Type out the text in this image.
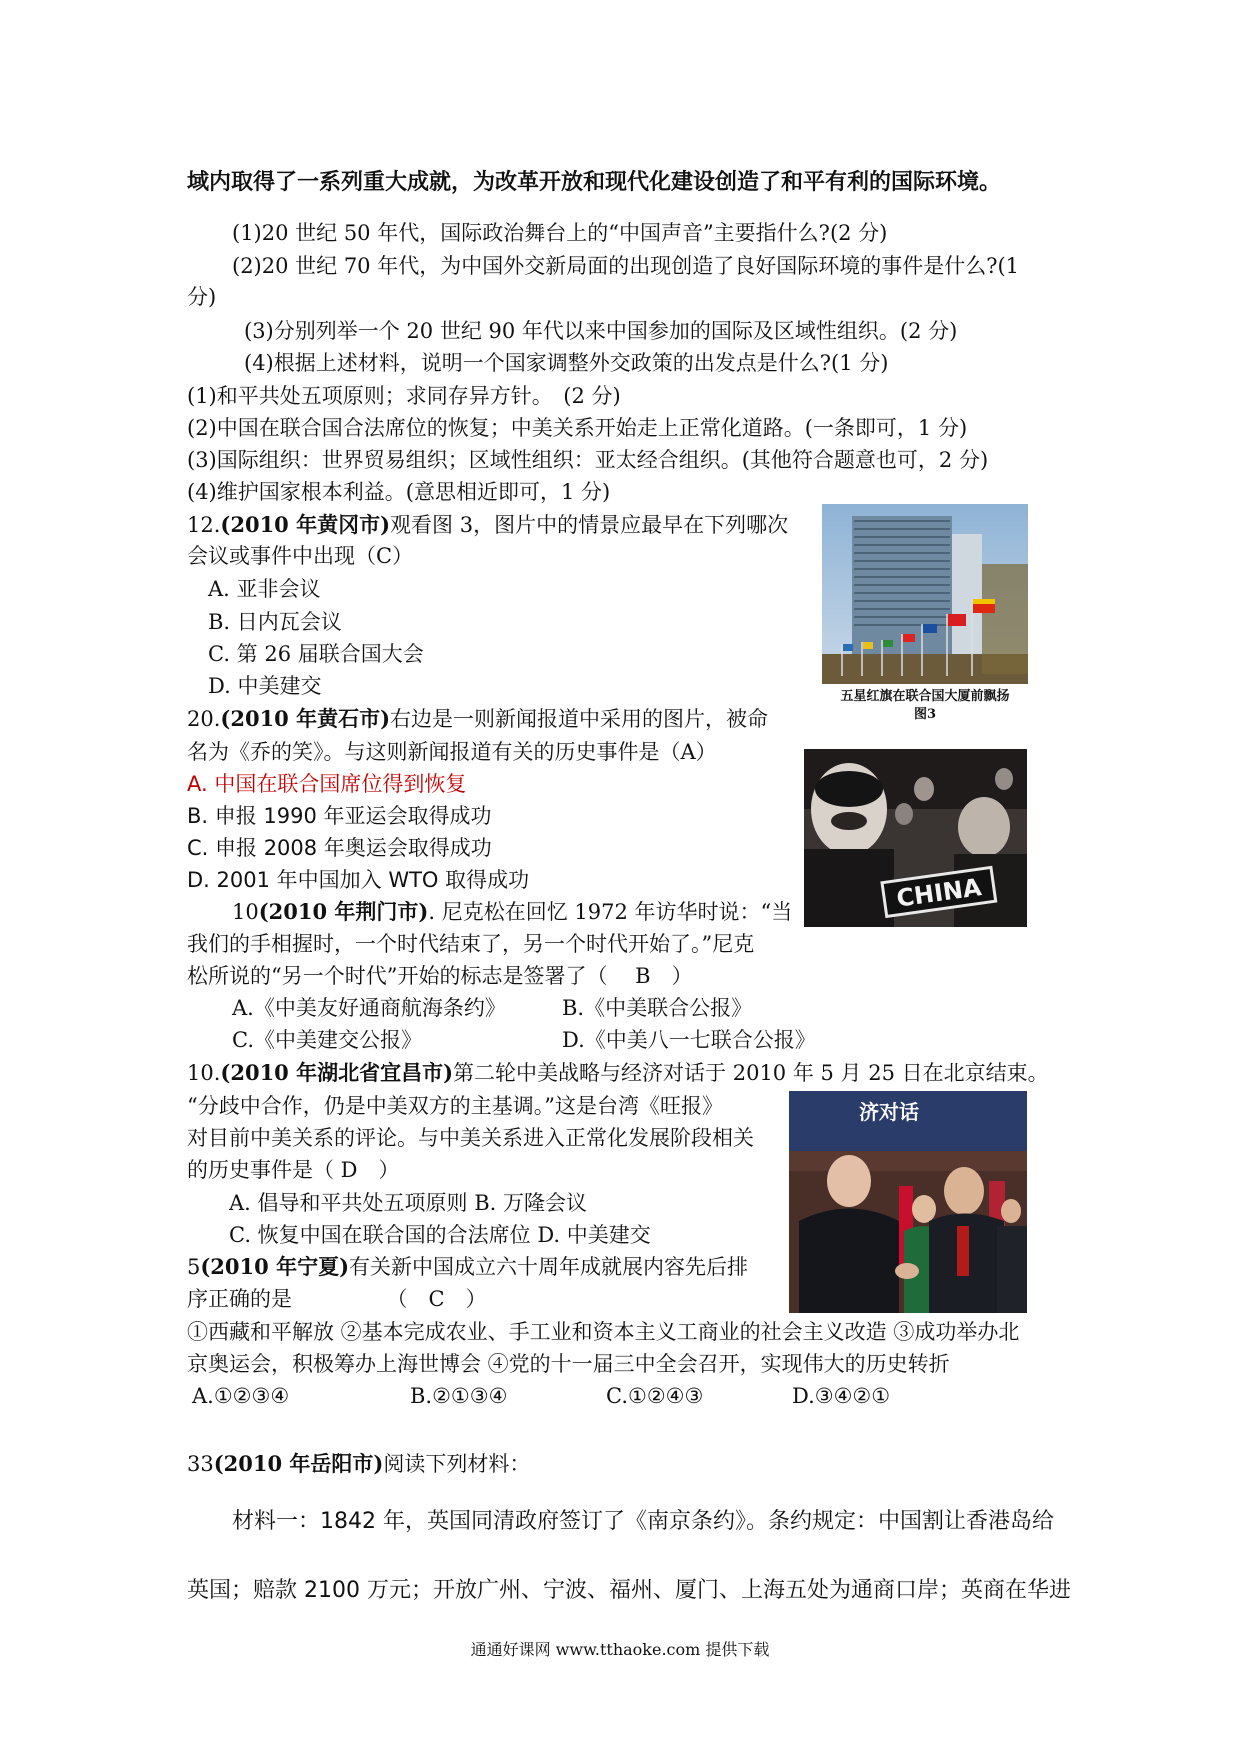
域内取得了一系列重大成就，为改革开放和现代化建设创造了和平有利的国际环境。
(1)20 世纪 50 年代，国际政治舞台上的“中国声音”主要指什么?(2 分)
(2)20 世纪 70 年代，为中国外交新局面的出现创造了良好国际环境的事件是什么?(1
分)
(3)分别列举一个 20 世纪 90 年代以来中国参加的国际及区域性组织。(2 分)
(4)根据上述材料，说明一个国家调整外交政策的出发点是什么?(1 分)
(1)和平共处五项原则；求同存异方针。　(2 分)
(2)中国在联合国合法席位的恢复；中美关系开始走上正常化道路。(一条即可，1 分)
(3)国际组织：世界贸易组织；区域性组织：亚太经合组织。(其他符合题意也可，2 分)
(4)维护国家根本利益。(意思相近即可，1 分)
12.(2010 年黄冈市)观看图 3，图片中的情景应最早在下列哪次
会议或事件中出现（C）
A. 亚非会议
B. 日内瓦会议
C. 第 26 届联合国大会
D. 中美建交	五星红旗在联合国大厦前飘扬
图3
20.(2010 年黄石市)右边是一则新闻报道中采用的图片，被命
名为《乔的笑》。与这则新闻报道有关的历史事件是（A）
A. 中国在联合国席位得到恢复
B. 申报 1990 年亚运会取得成功
C. 申报 2008 年奥运会取得成功
D. 2001 年中国加入 WTO 取得成功	CHINA
10(2010 年荆门市). 尼克松在回忆 1972 年访华时说：“当
我们的手相握时，一个时代结束了，另一个时代开始了。”尼克
松所说的“另一个时代”开始的标志是签署了（　 B　）
A.《中美友好通商航海条约》	B.《中美联合公报》
C.《中美建交公报》	D.《中美八一七联合公报》
10.(2010 年湖北省宜昌市)第二轮中美战略与经济对话于 2010 年 5 月 25 日在北京结束。
“分歧中合作，仍是中美双方的主基调。”这是台湾《旺报》
对目前中美关系的评论。与中美关系进入正常化发展阶段相关
的历史事件是（ D　）
A. 倡导和平共处五项原则 B. 万隆会议
C. 恢复中国在联合国的合法席位 D. 中美建交
济对话
5(2010 年宁夏)有关新中国成立六十周年成就展内容先后排
序正确的是　　　　　（　C　）
①西藏和平解放 ②基本完成农业、手工业和资本主义工商业的社会主义改造 ③成功举办北
京奥运会，积极筹办上海世博会 ④党的十一届三中全会召开，实现伟大的历史转折
A.①②③④	B.②①③④	C.①②④③	D.③④②①
33(2010 年岳阳市)阅读下列材料：
材料一：1842 年，英国同清政府签订了《南京条约》。条约规定：中国割让香港岛给
英国；赔款 2100 万元；开放广州、宁波、福州、厦门、上海五处为通商口岸；英商在华进
通通好课网 www.tthaoke.com 提供下载
